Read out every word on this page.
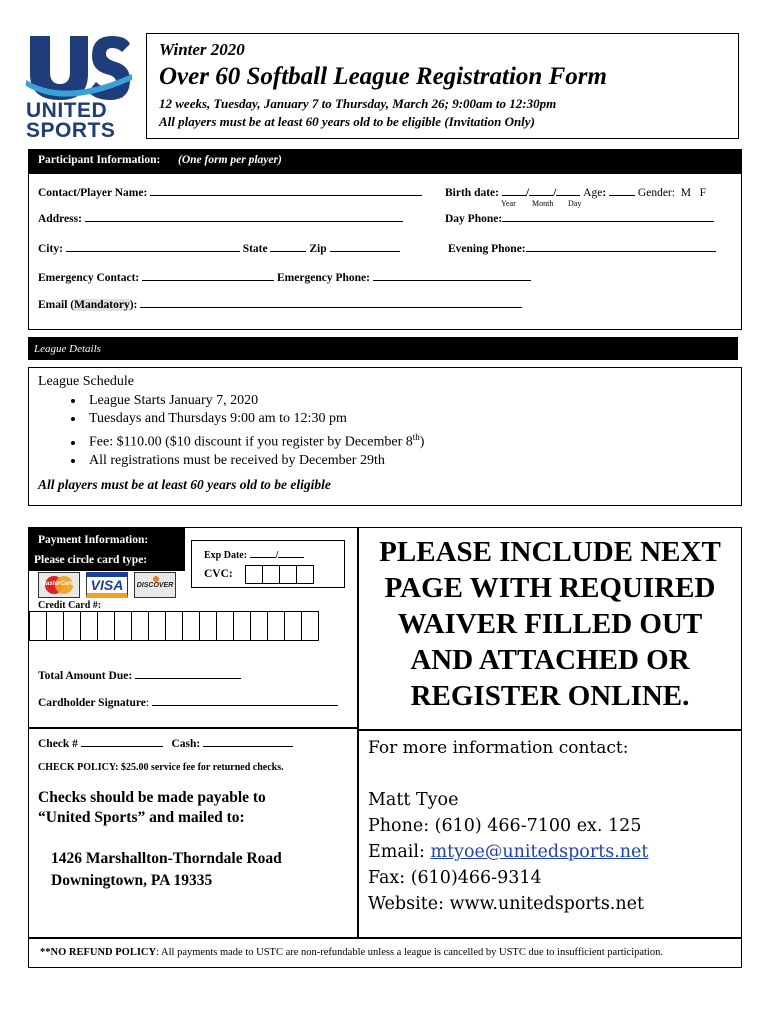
TM
UNITED
SPORTS
Winter 2020
Over 60 Softball League Registration Form
12 weeks, Tuesday, January 7 to Thursday, March 26; 9:00am to 12:30pm
All players must be at least 60 years old to be eligible (Invitation Only)
Participant Information: (One form per player)
Contact/Player Name:	Birth date: / / Age:	Gender: M F
Year Month Day
Address:	Day Phone:
City:	State	Zip	Evening Phone:
Emergency Contact:	Emergency Phone:
Email (Mandatory):
League Details
League Schedule
• League Starts January 7, 2020
• Tuesdays and Thursdays 9:00 am to 12:30 pm
• Fee: $110.00 ($10 discount if you register by December 8th)
• All registrations must be received by December 29th
All players must be at least 60 years old to be eligible
Payment Information:
Please circle card type:	Exp Date:	/
CVC:
MasterCard VISA DISCOVER
Credit Card #:
Total Amount Due:
Cardholder Signature:
Check #	Cash:
CHECK POLICY: $25.00 service fee for returned checks.
Checks should be made payable to
“United Sports” and mailed to:
1426 Marshallton-Thorndale Road
Downingtown, PA 19335
PLEASE INCLUDE NEXT
PAGE WITH REQUIRED
WAIVER FILLED OUT
AND ATTACHED OR
REGISTER ONLINE.
For more information contact:
Matt Tyoe
Phone: (610) 466-7100 ex. 125
Email: mtyoe@unitedsports.net
Fax: (610)466-9314
Website: www.unitedsports.net
**NO REFUND POLICY: All payments made to USTC are non-refundable unless a league is cancelled by USTC due to insufficient participation.
